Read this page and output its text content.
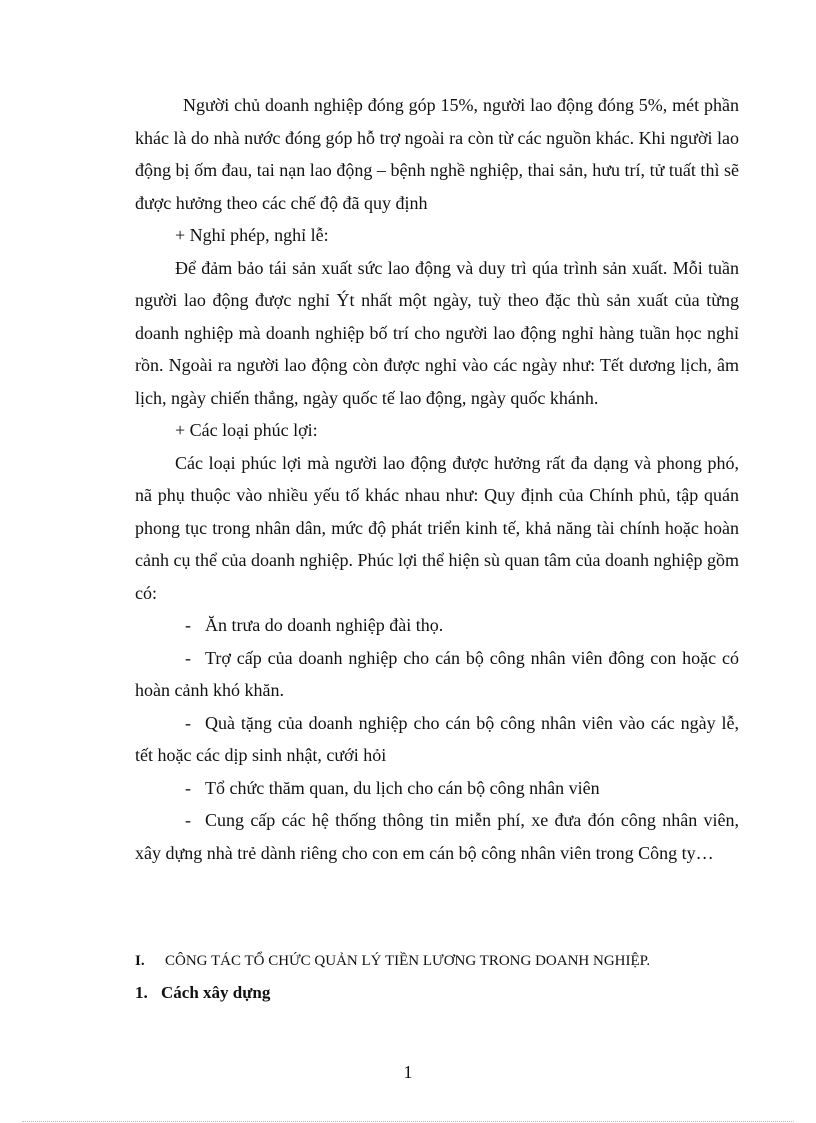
Người chủ doanh nghiệp đóng góp 15%, người lao động đóng 5%, mét phần khác là do nhà nước đóng góp hỗ trợ ngoài ra còn từ các nguồn khác. Khi người lao động bị ốm đau, tai nạn lao động – bệnh nghề nghiệp, thai sản, hưu trí, tử tuất thì sẽ được hưởng theo các chế độ đã quy định

+ Nghỉ phép, nghỉ lễ:

Để đảm bảo tái sản xuất sức lao động và duy trì qúa trình sản xuất. Mỗi tuần người lao động được nghỉ Ýt nhất một ngày, tuỳ theo đặc thù sản xuất của từng doanh nghiệp mà doanh nghiệp bố trí cho người lao động nghỉ hàng tuần học nghỉ rồn. Ngoài ra người lao động còn được nghỉ vào các ngày như: Tết dương lịch, âm lịch, ngày chiến thắng, ngày quốc tế lao động, ngày quốc khánh.

+ Các loại phúc lợi:

Các loại phúc lợi mà người lao động được hưởng rất đa dạng và phong phó, nã phụ thuộc vào nhiều yếu tố khác nhau như: Quy định của Chính phủ, tập quán phong tục trong nhân dân, mức độ phát triển kinh tế, khả năng tài chính hoặc hoàn cảnh cụ thể của doanh nghiệp. Phúc lợi thể hiện sù quan tâm của doanh nghiệp gồm có:

- Ăn trưa do doanh nghiệp đài thọ.

- Trợ cấp của doanh nghiệp cho cán bộ công nhân viên đông con hoặc có hoàn cảnh khó khăn.

- Quà tặng của doanh nghiệp cho cán bộ công nhân viên vào các ngày lễ, tết hoặc các dịp sinh nhật, cưới hỏi

- Tổ chức thăm quan, du lịch cho cán bộ công nhân viên

- Cung cấp các hệ thống thông tin miễn phí, xe đưa đón công nhân viên, xây dựng nhà trẻ dành riêng cho con em cán bộ công nhân viên trong Công ty…

I. CÔNG TÁC TỔ CHỨC QUẢN LÝ TIỀN LƯƠNG TRONG DOANH NGHIỆP.
1. Cách xây dựng
1
